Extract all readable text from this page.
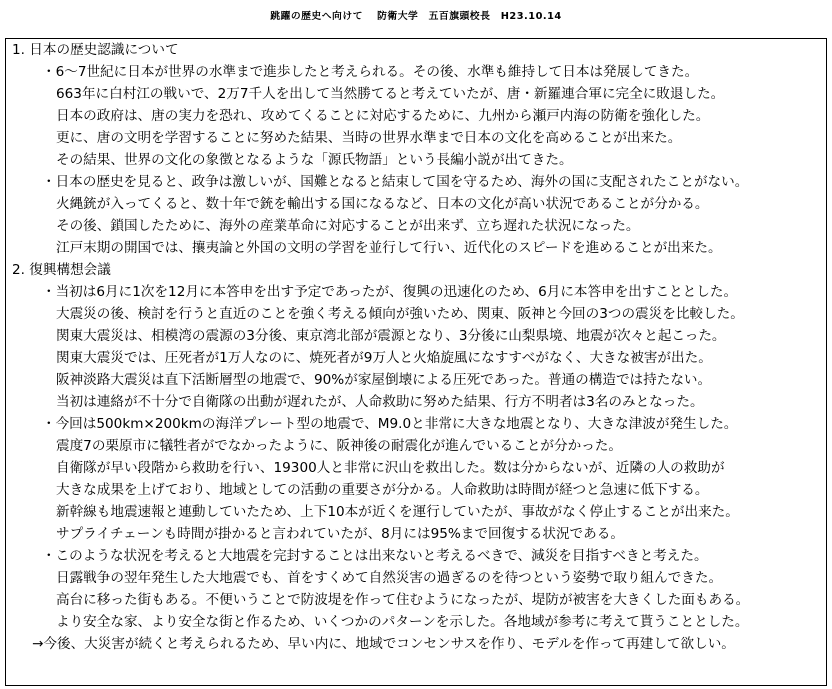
跳躍の歴史へ向けて　 防衛大学　五百旗頭校長　H23.10.14
1. 日本の歴史認識について
・6～7世紀に日本が世界の水準まで進歩したと考えられる。その後、水準も維持して日本は発展してきた。
663年に白村江の戦いで、2万7千人を出して当然勝てると考えていたが、唐・新羅連合軍に完全に敗退した。
日本の政府は、唐の実力を恐れ、攻めてくることに対応するために、九州から瀬戸内海の防衛を強化した。
更に、唐の文明を学習することに努めた結果、当時の世界水準まで日本の文化を高めることが出来た。
その結果、世界の文化の象徴となるような「源氏物語」という長編小説が出てきた。
・日本の歴史を見ると、政争は激しいが、国難となると結束して国を守るため、海外の国に支配されたことがない。
火縄銃が入ってくると、数十年で銃を輸出する国になるなど、日本の文化が高い状況であることが分かる。
その後、鎖国したために、海外の産業革命に対応することが出来ず、立ち遅れた状況になった。
江戸末期の開国では、攘夷論と外国の文明の学習を並行して行い、近代化のスピードを進めることが出来た。
2. 復興構想会議
・当初は6月に1次を12月に本答申を出す予定であったが、復興の迅速化のため、6月に本答申を出すこととした。
大震災の後、検討を行うと直近のことを強く考える傾向が強いため、関東、阪神と今回の3つの震災を比較した。
関東大震災は、相模湾の震源の3分後、東京湾北部が震源となり、3分後に山梨県境、地震が次々と起こった。
関東大震災では、圧死者が1万人なのに、焼死者が9万人と火焔旋風になすすべがなく、大きな被害が出た。
阪神淡路大震災は直下活断層型の地震で、90%が家屋倒壊による圧死であった。普通の構造では持たない。
当初は連絡が不十分で自衛隊の出動が遅れたが、人命救助に努めた結果、行方不明者は3名のみとなった。
・今回は500km×200kmの海洋プレート型の地震で、M9.0と非常に大きな地震となり、大きな津波が発生した。
震度7の栗原市に犠牲者がでなかったように、阪神後の耐震化が進んでいることが分かった。
自衛隊が早い段階から救助を行い、19300人と非常に沢山を救出した。数は分からないが、近隣の人の救助が
大きな成果を上げており、地域としての活動の重要さが分かる。人命救助は時間が経つと急速に低下する。
新幹線も地震速報と連動していたため、上下10本が近くを運行していたが、事故がなく停止することが出来た。
サプライチェーンも時間が掛かると言われていたが、8月には95%まで回復する状況である。
・このような状況を考えると大地震を完封することは出来ないと考えるべきで、減災を目指すべきと考えた。
日露戦争の翌年発生した大地震でも、首をすくめて自然災害の過ぎるのを待つという姿勢で取り組んできた。
高台に移った街もある。不便いうことで防波堤を作って住むようになったが、堤防が被害を大きくした面もある。
より安全な家、より安全な街と作るため、いくつかのパターンを示した。各地域が参考に考えて貰うこととした。
→今後、大災害が続くと考えられるため、早い内に、地域でコンセンサスを作り、モデルを作って再建して欲しい。
